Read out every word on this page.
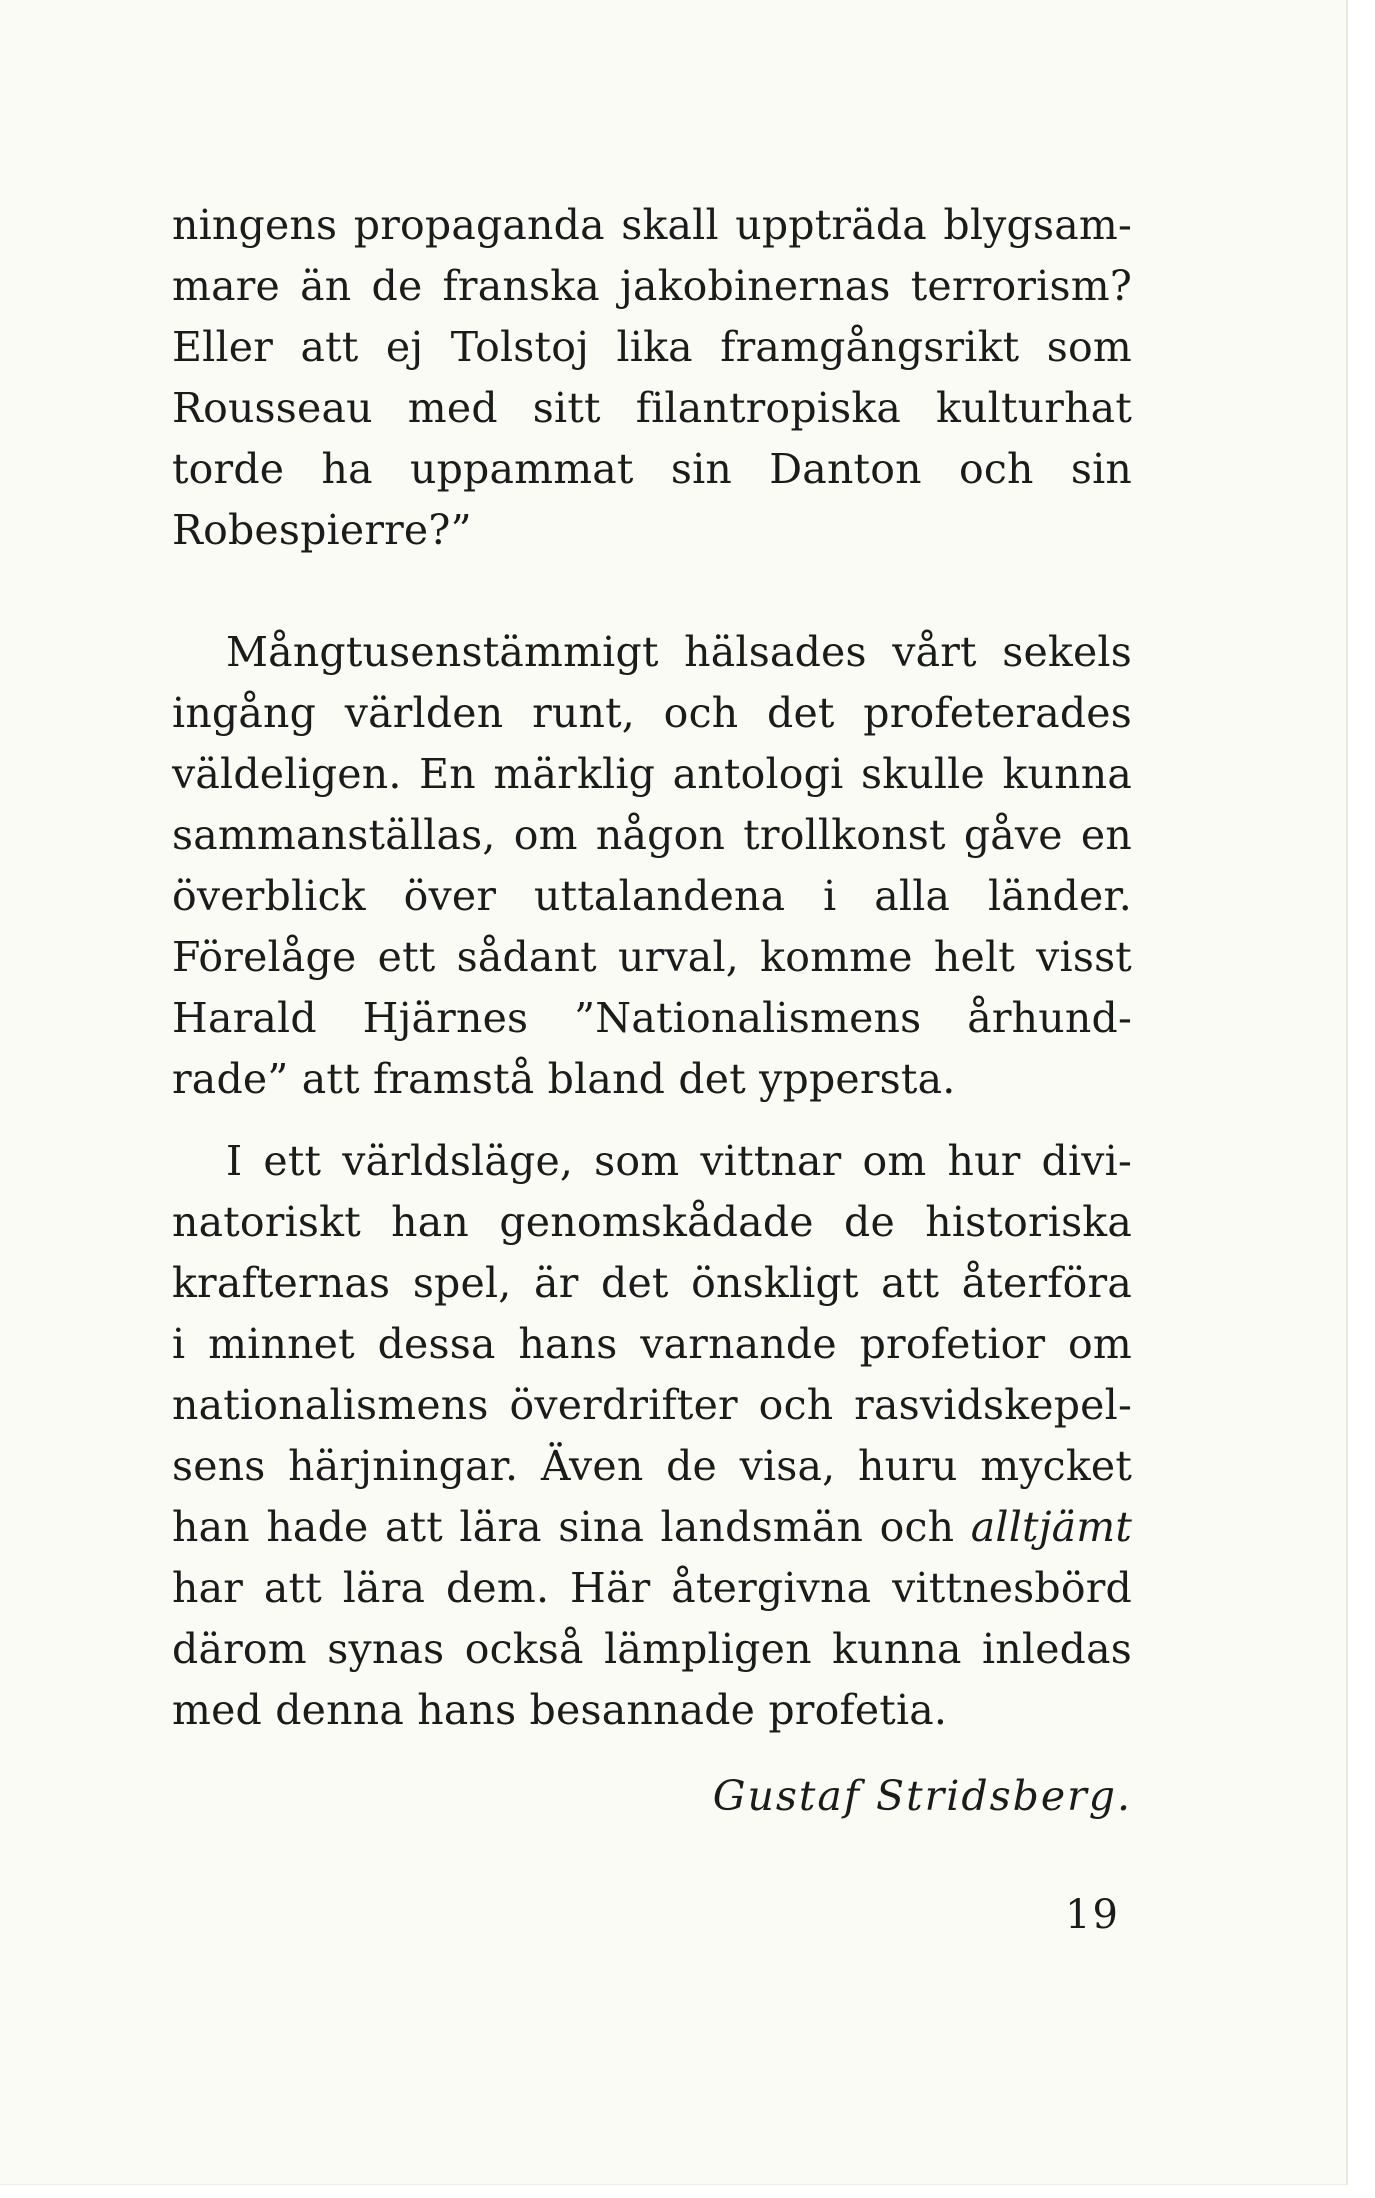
ningens propaganda skall uppträda blygsam-
mare än de franska jakobinernas terrorism?
Eller att ej Tolstoj lika framgångsrikt som
Rousseau med sitt filantropiska kulturhat
torde ha uppammat sin Danton och sin
Robespierre?”
Mångtusenstämmigt hälsades vårt sekels
ingång världen runt, och det profeterades
väldeligen. En märklig antologi skulle kunna
sammanställas, om någon trollkonst gåve en
överblick över uttalandena i alla länder.
Förelåge ett sådant urval, komme helt visst
Harald Hjärnes ”Nationalismens århund-
rade” att framstå bland det yppersta.
I ett världsläge, som vittnar om hur divi-
natoriskt han genomskådade de historiska
krafternas spel, är det önskligt att återföra
i minnet dessa hans varnande profetior om
nationalismens överdrifter och rasvidskepel-
sens härjningar. Även de visa, huru mycket
han hade att lära sina landsmän och alltjämt
har att lära dem. Här återgivna vittnesbörd
därom synas också lämpligen kunna inledas
med denna hans besannade profetia.
Gustaf Stridsberg.
19
